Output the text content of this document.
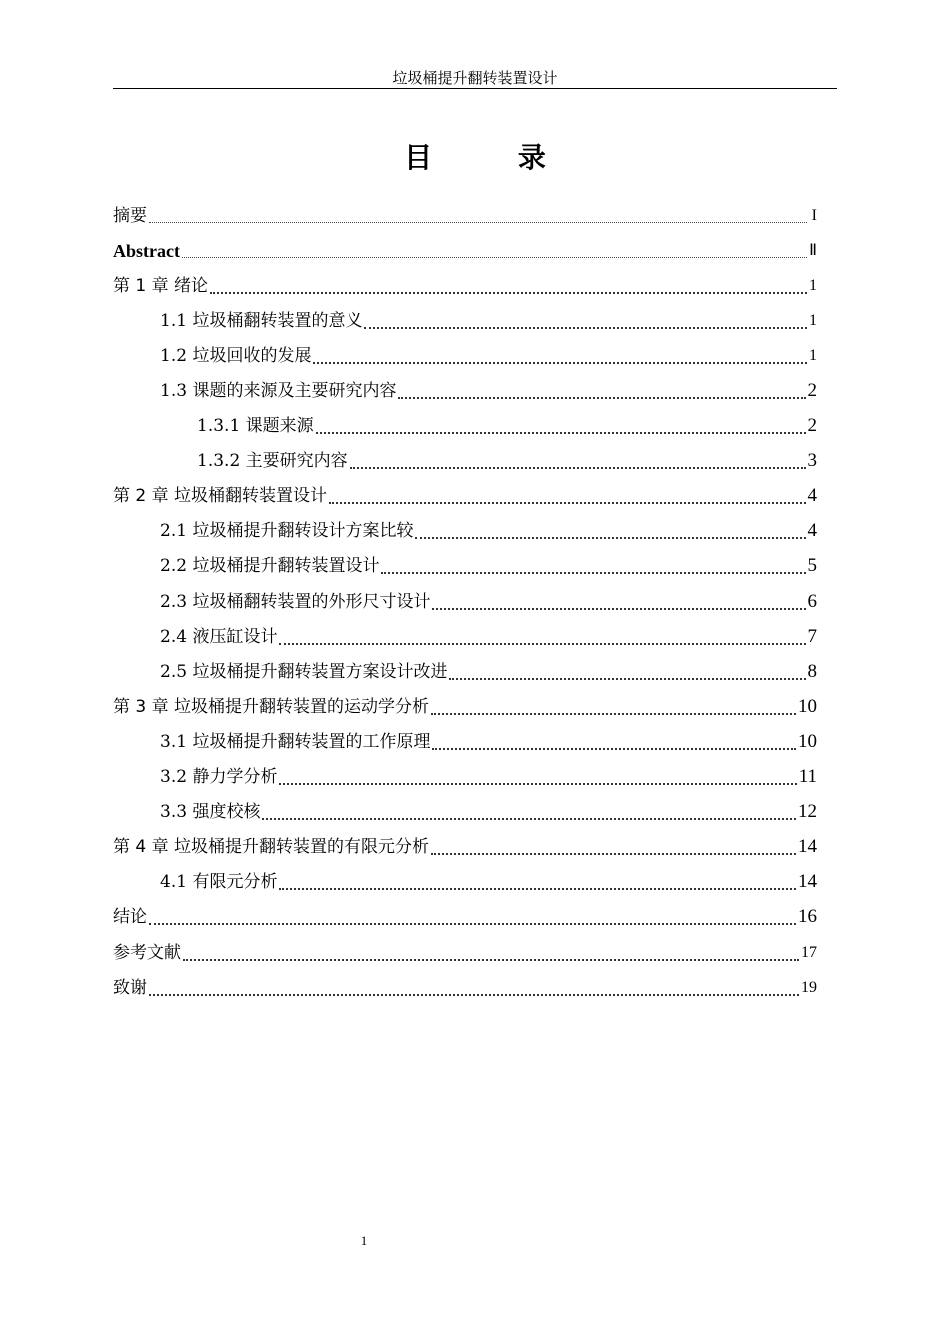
垃圾桶提升翻转装置设计
目 录
摘要	I
Abstract	Ⅱ
第 1 章 绪论	1
1.1 垃圾桶翻转装置的意义	1
1.2 垃圾回收的发展	1
1.3 课题的来源及主要研究内容	2
1.3.1 课题来源	2
1.3.2 主要研究内容	3
第 2 章 垃圾桶翻转装置设计	4
2.1 垃圾桶提升翻转设计方案比较	4
2.2 垃圾桶提升翻转装置设计	5
2.3 垃圾桶翻转装置的外形尺寸设计	6
2.4 液压缸设计	7
2.5 垃圾桶提升翻转装置方案设计改进	8
第 3 章 垃圾桶提升翻转装置的运动学分析	10
3.1 垃圾桶提升翻转装置的工作原理	10
3.2 静力学分析	11
3.3 强度校核	12
第 4 章 垃圾桶提升翻转装置的有限元分析	14
4.1 有限元分析	14
结论	16
参考文献	17
致谢	19
1
